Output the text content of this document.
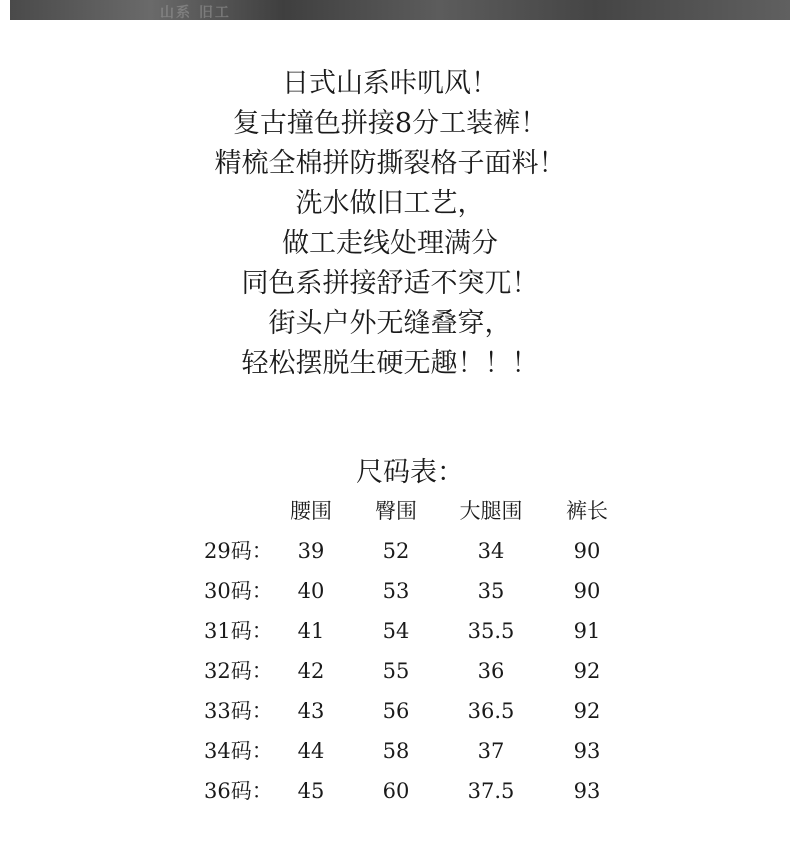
山系 旧工
日式山系咔叽风！
复古撞色拼接8分工装裤！
精梳全棉拼防撕裂格子面料！
洗水做旧工艺，
做工走线处理满分
同色系拼接舒适不突兀！
街头户外无缝叠穿，
轻松摆脱生硬无趣！！！
尺码表：
腰围 臀围 大腿围 裤长
29码： 39	52	34	90
30码： 40	53	35	90
31码： 41	54	35.5	91
32码： 42	55	36	92
33码： 43	56	36.5	92
34码： 44	58	37	93
36码： 45	60	37.5	93
